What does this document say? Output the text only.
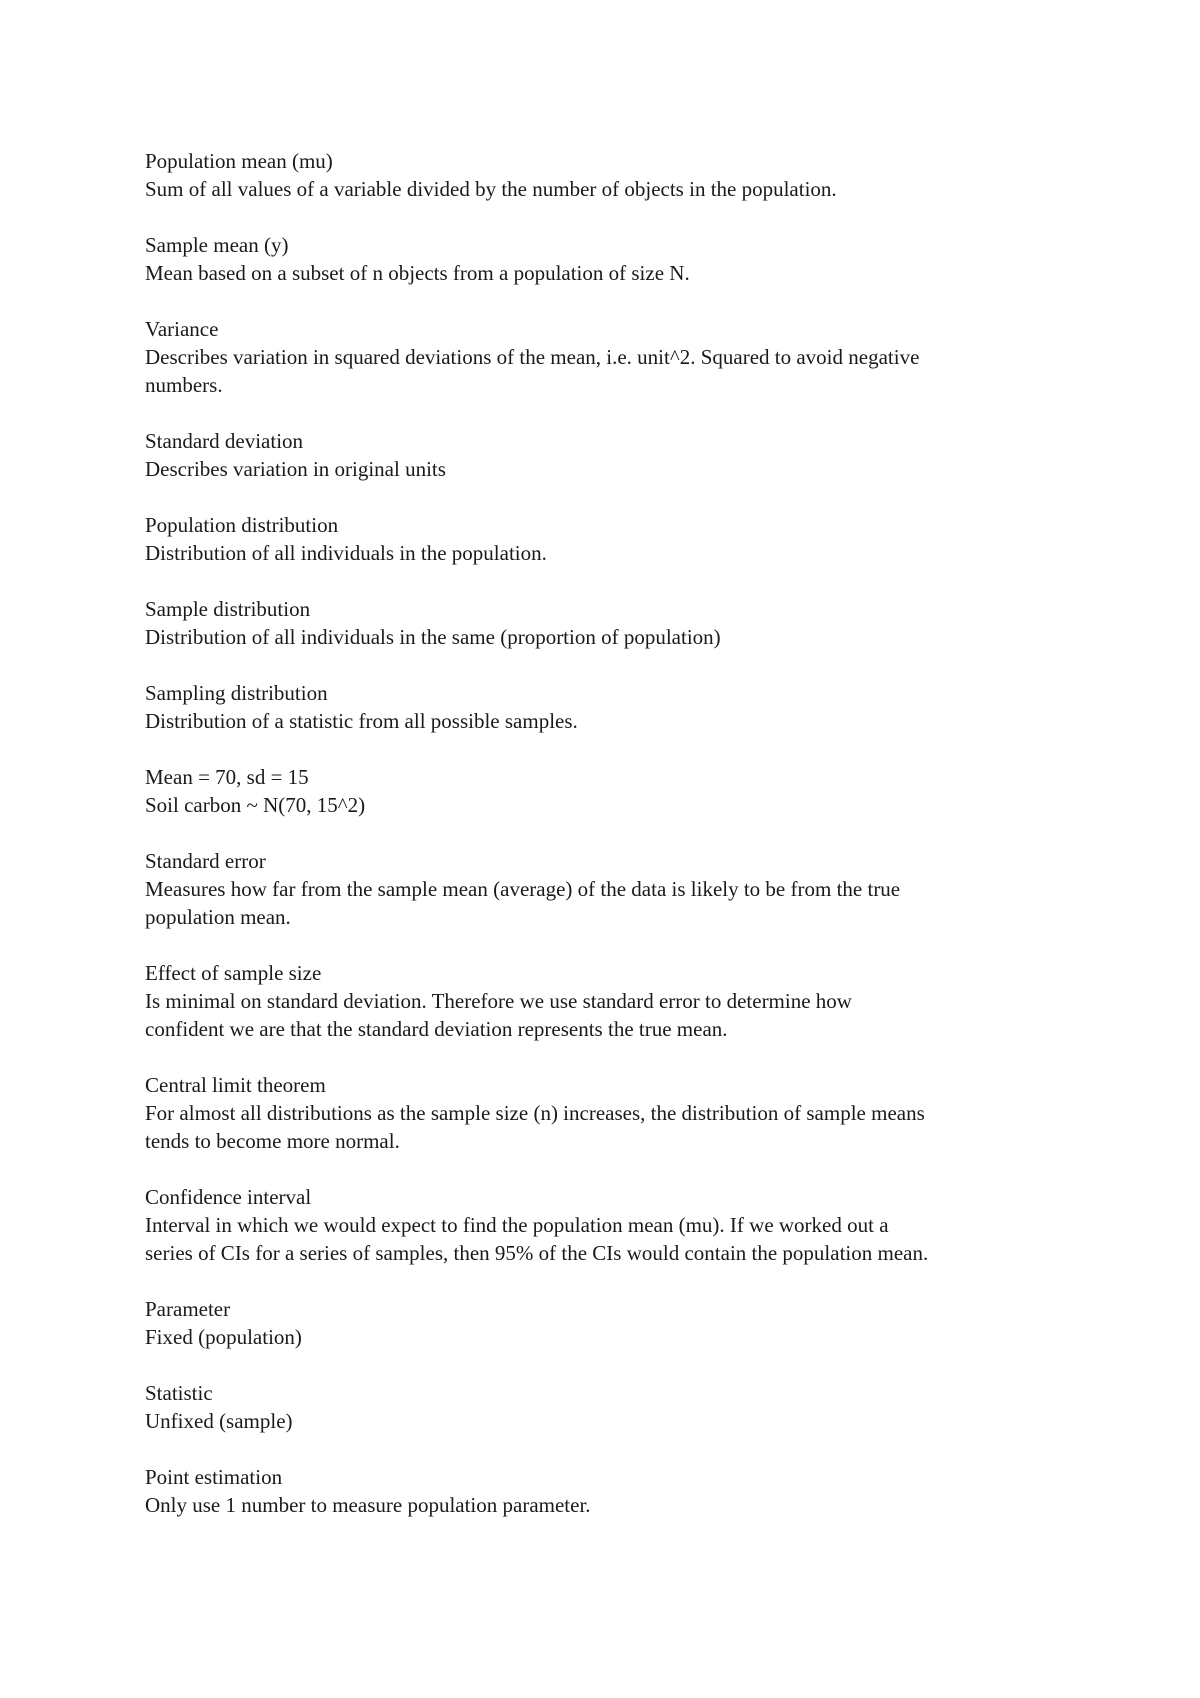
Population mean (mu)
Sum of all values of a variable divided by the number of objects in the population.
Sample mean (y)
Mean based on a subset of n objects from a population of size N.
Variance
Describes variation in squared deviations of the mean, i.e. unit^2. Squared to avoid negative
numbers.
Standard deviation
Describes variation in original units
Population distribution
Distribution of all individuals in the population.
Sample distribution
Distribution of all individuals in the same (proportion of population)
Sampling distribution
Distribution of a statistic from all possible samples.
Mean = 70, sd = 15
Soil carbon ~ N(70, 15^2)
Standard error
Measures how far from the sample mean (average) of the data is likely to be from the true
population mean.
Effect of sample size
Is minimal on standard deviation. Therefore we use standard error to determine how
confident we are that the standard deviation represents the true mean.
Central limit theorem
For almost all distributions as the sample size (n) increases, the distribution of sample means
tends to become more normal.
Confidence interval
Interval in which we would expect to find the population mean (mu). If we worked out a
series of CIs for a series of samples, then 95% of the CIs would contain the population mean.
Parameter
Fixed (population)
Statistic
Unfixed (sample)
Point estimation
Only use 1 number to measure population parameter.
